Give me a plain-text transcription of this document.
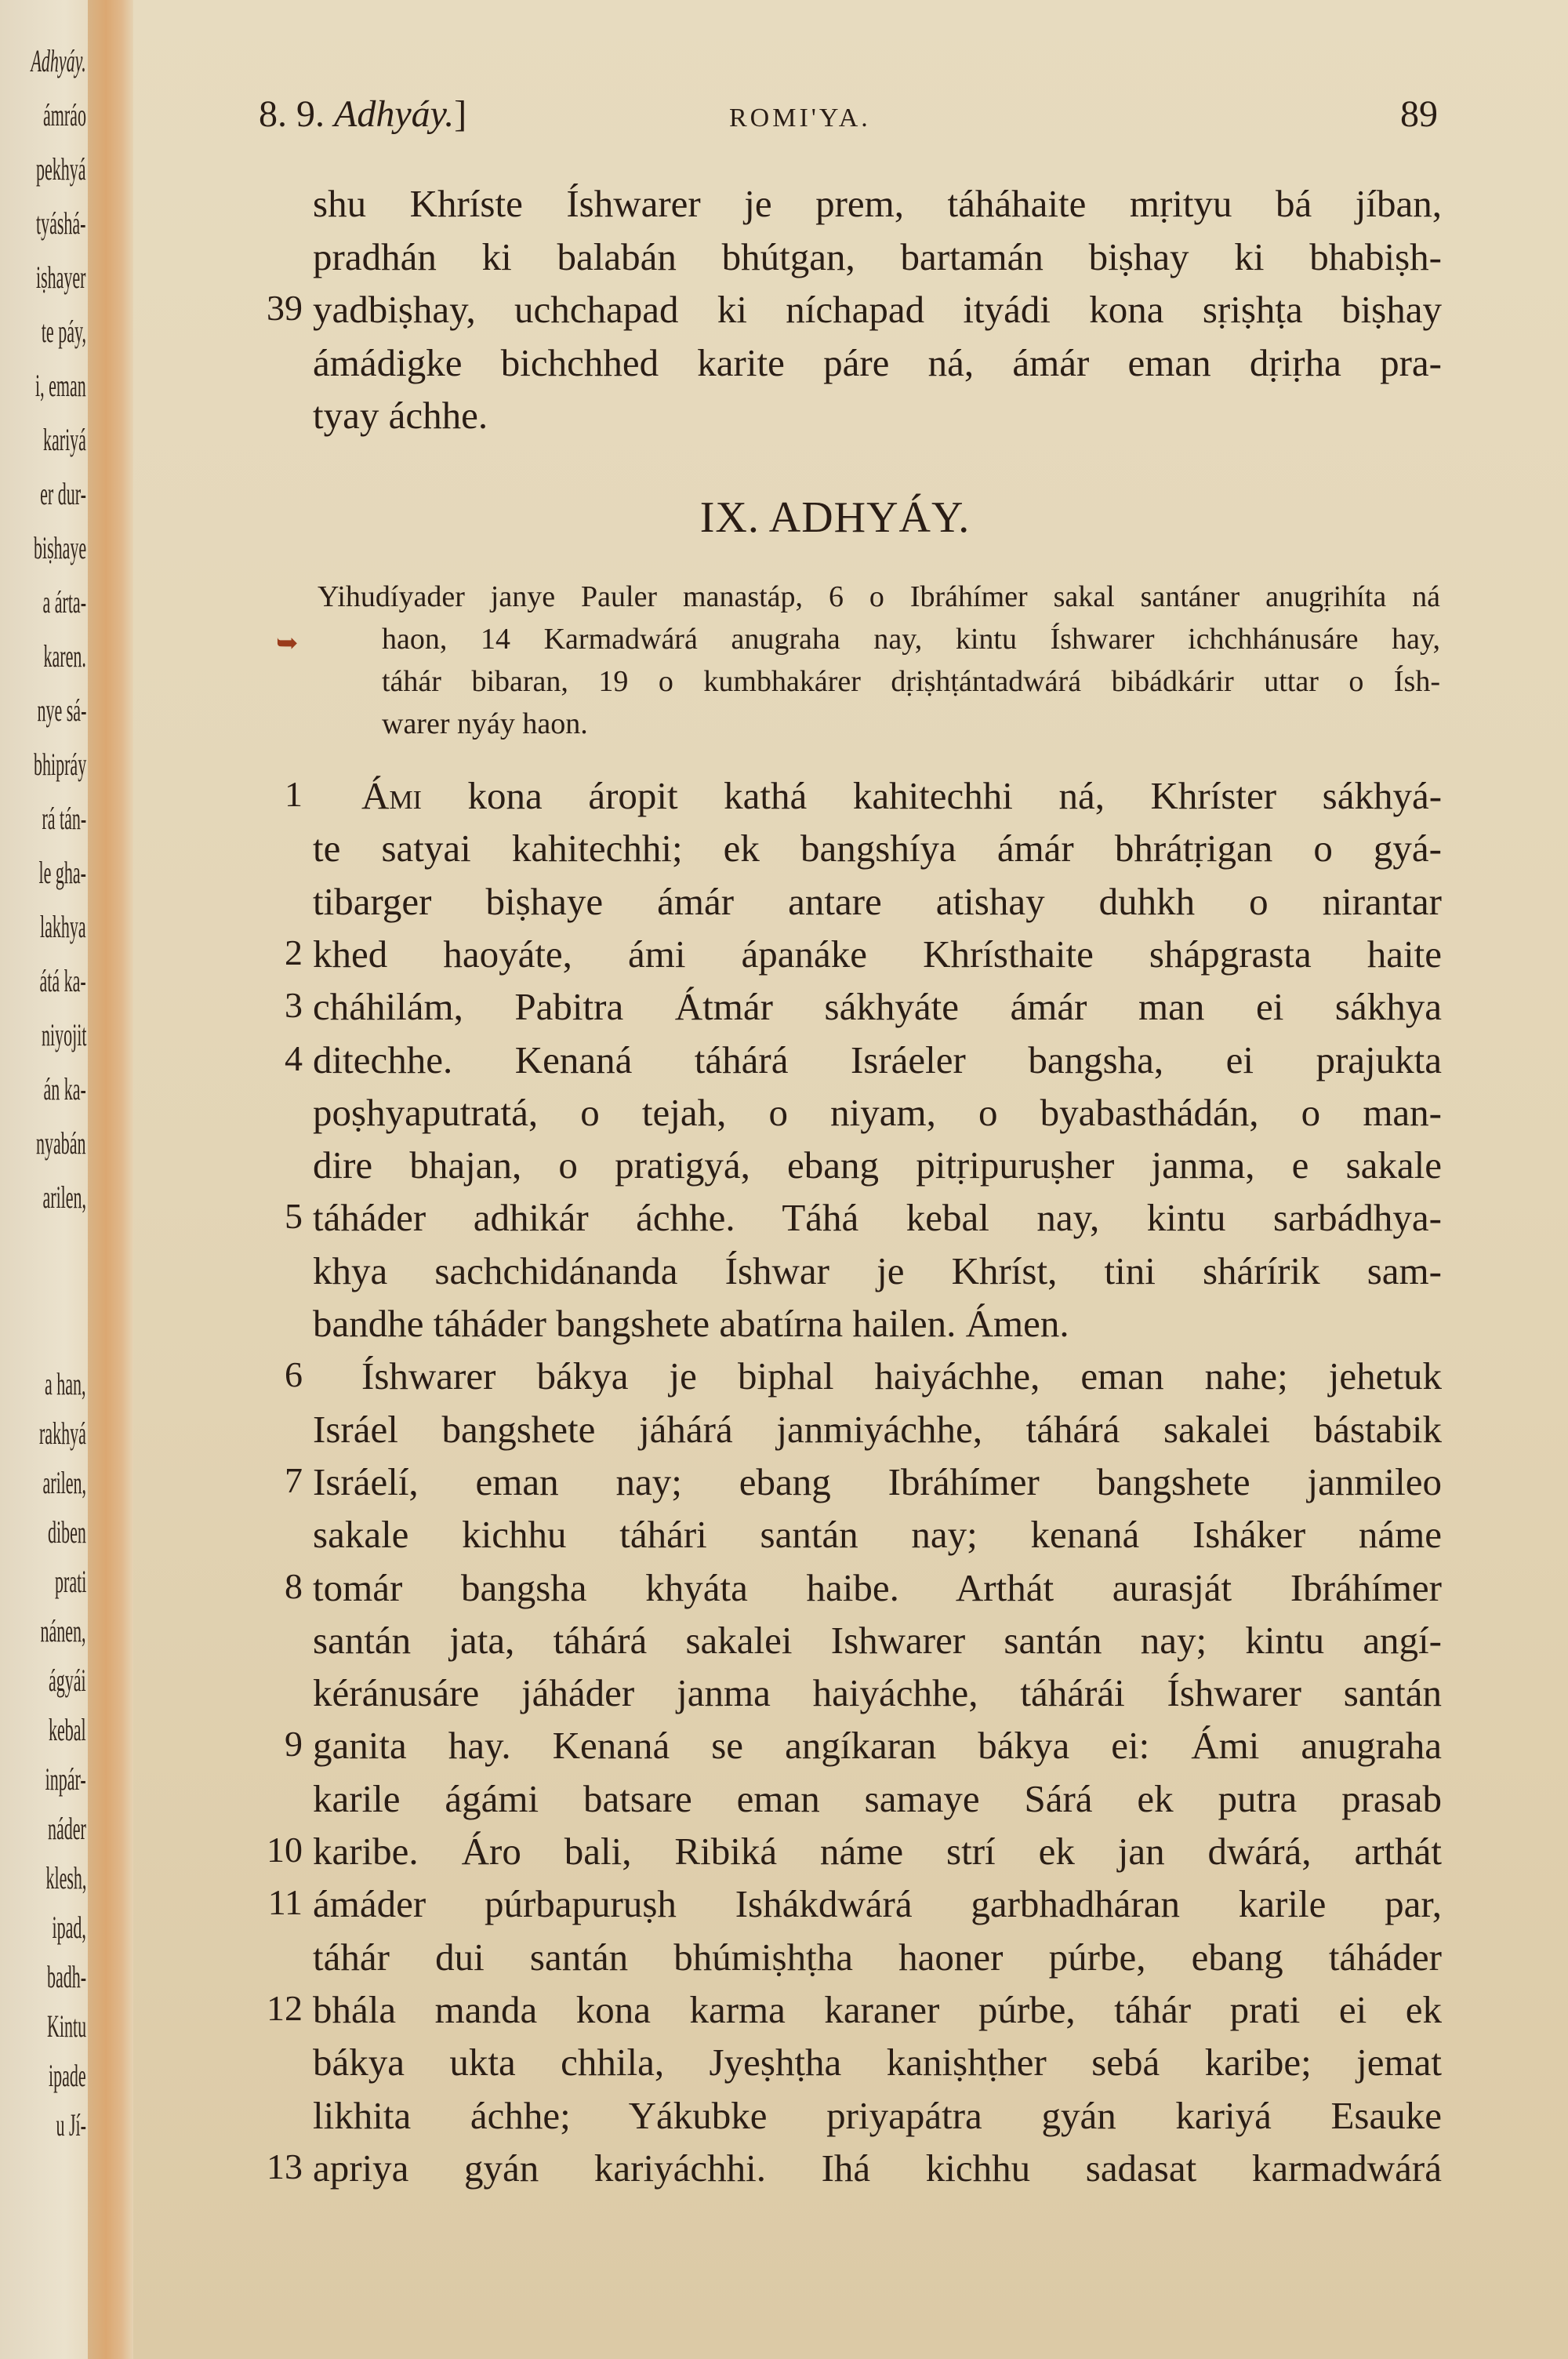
Adhyáy.
ámráo
pekhyá
tyáshá-
iṣhayer
te páy,
i, eman
kariyá
er dur-
biṣhaye
a árta-
karen.
nye sá-
bhipráy
rá tán-
le gha-
lakhya
átá ka-
niyojit
án ka-
nyabán
arilen,
a han,
rakhyá
arilen,
diben
prati
nánen,
ágyái
kebal
inpár-
náder
klesh,
ipad,
badh-
Kintu
ipade
u Jí-
8. 9. Adhyáy.]	ROMI'YA.	89
shu Khríste Íshwarer je prem, táháhaite mṛityu bá jíban,
pradhán ki balabán bhútgan, bartamán biṣhay ki bhabiṣh-
39 yadbiṣhay, uchchapad ki níchapad ityádi kona sṛiṣhṭa biṣhay
ámádigke bichchhed karite páre ná, ámár eman dṛiṛha pra-
tyay áchhe.
IX. ADHYÁY.
➥
Yihudíyader janye Pauler manastáp, 6 o Ibráhímer sakal santáner anugṛihíta ná
haon, 14 Karmadwárá anugraha nay, kintu Íshwarer ichchhánusáre hay,
táhár bibaran, 19 o kumbhakárer dṛiṣhṭántadwárá bibádkárir uttar o Ísh-
warer nyáy haon.
1	Ámi kona áropit kathá kahitechhi ná, Khríster sákhyá-
te satyai kahitechhi; ek bangshíya ámár bhrátṛigan o gyá-
tibarger biṣhaye ámár antare atishay duhkh o nirantar
2 khed haoyáte, ámi ápanáke Khrísthaite shápgrasta haite
3 cháhilám, Pabitra Átmár sákhyáte ámár man ei sákhya
4 ditechhe. Kenaná táhárá Isráeler bangsha, ei prajukta
poṣhyaputratá, o tejah, o niyam, o byabasthádán, o man-
dire bhajan, o pratigyá, ebang pitṛipuruṣher janma, e sakale
5 táháder adhikár áchhe. Táhá kebal nay, kintu sarbádhya-
khya sachchidánanda Íshwar je Khríst, tini shárírik sam-
bandhe táháder bangshete abatírna hailen. Ámen.
6	Íshwarer bákya je biphal haiyáchhe, eman nahe; jehetuk
Isráel bangshete jáhárá janmiyáchhe, táhárá sakalei bástabik
7 Isráelí, eman nay; ebang Ibráhímer bangshete janmileo
sakale kichhu táhári santán nay; kenaná Isháker náme
8 tomár bangsha khyáta haibe. Arthát aurasját Ibráhímer
santán jata, táhárá sakalei Ishwarer santán nay; kintu angí-
kéránusáre jáháder janma haiyáchhe, táhárái Íshwarer santán
9 ganita hay. Kenaná se angíkaran bákya ei: Ámi anugraha
karile ágámi batsare eman samaye Sárá ek putra prasab
10 karibe. Áro bali, Ribiká náme strí ek jan dwárá, arthát
11 ámáder púrbapuruṣh Ishákdwárá garbhadháran karile par,
táhár dui santán bhúmiṣhṭha haoner púrbe, ebang táháder
12 bhála manda kona karma karaner púrbe, táhár prati ei ek
bákya ukta chhila, Jyeṣhṭha kaniṣhṭher sebá karibe; jemat
likhita áchhe; Yákubke priyapátra gyán kariyá Esauke
13 apriya gyán kariyáchhi. Ihá kichhu sadasat karmadwárá
